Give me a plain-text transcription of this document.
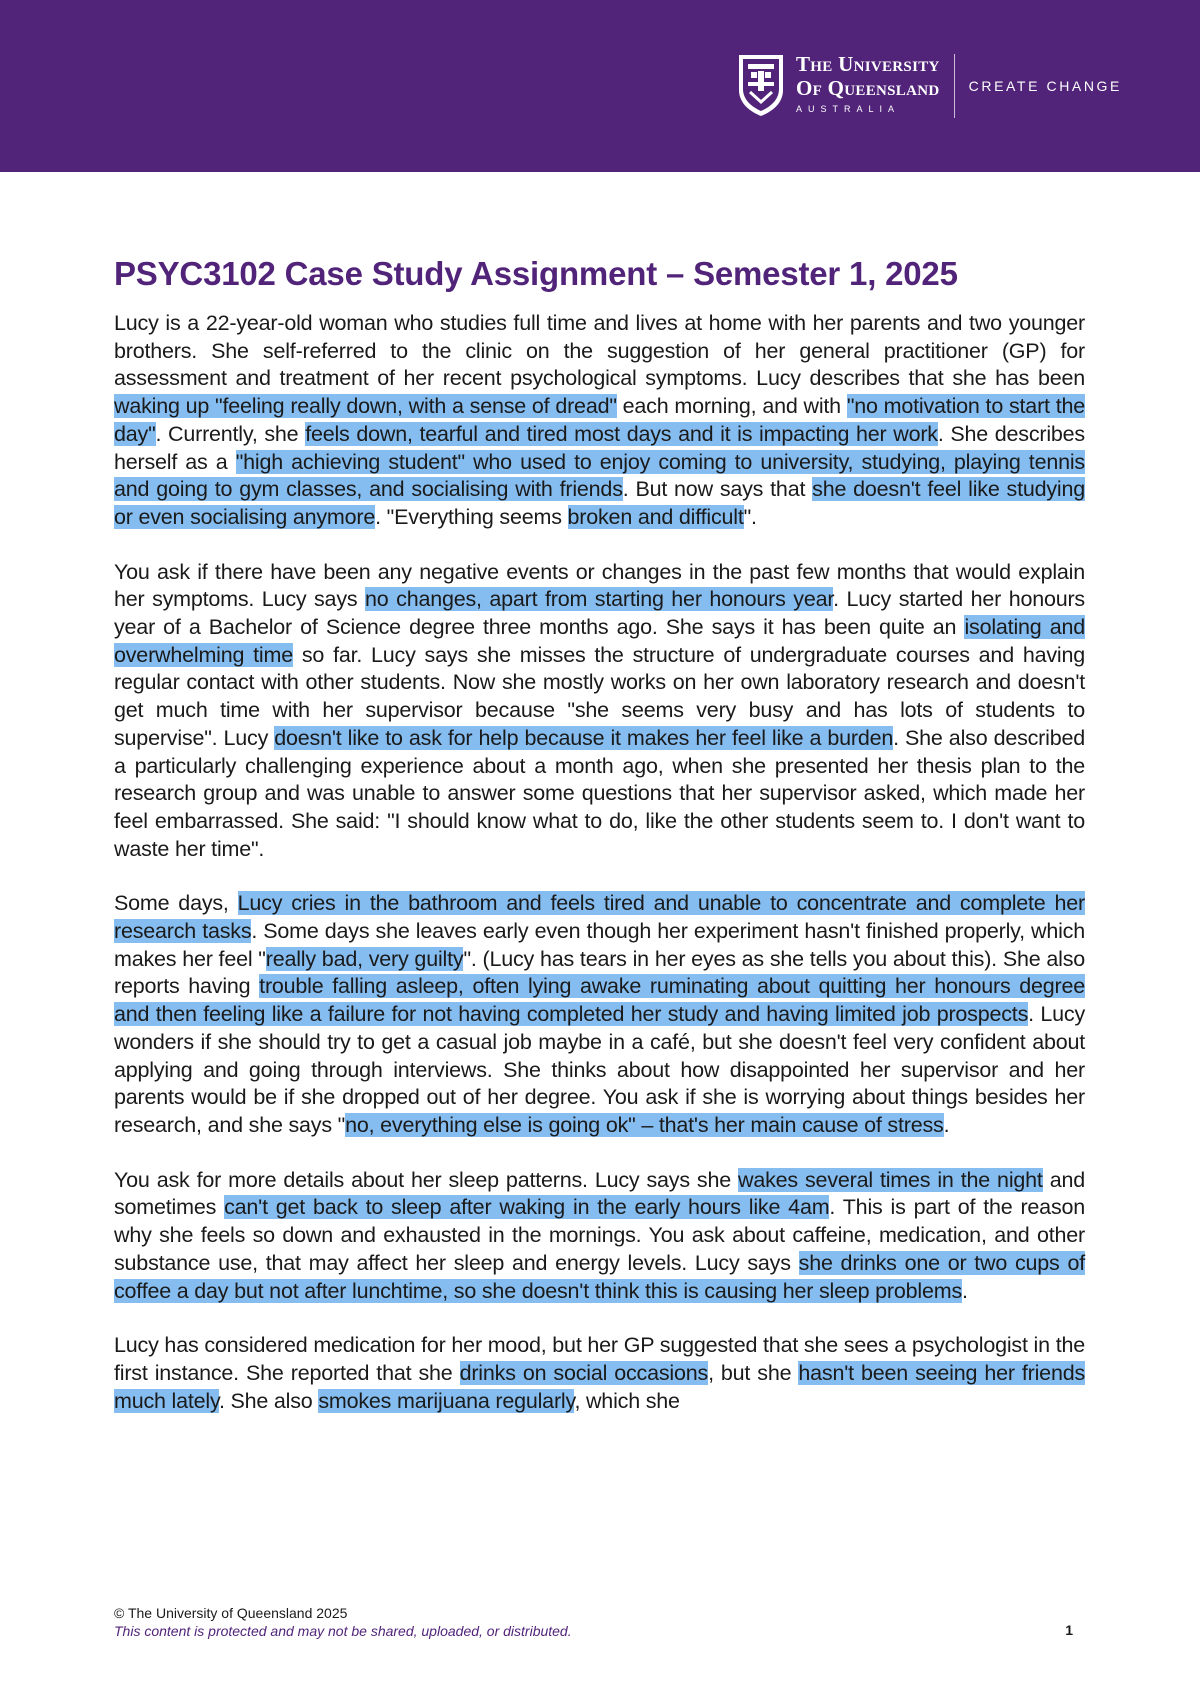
The University
Of Queensland
AUSTRALIA
CREATE CHANGE
PSYC3102 Case Study Assignment – Semester 1, 2025

Lucy is a 22-year-old woman who studies full time and lives at home with her parents and two younger brothers. She self-referred to the clinic on the suggestion of her general practitioner (GP) for assessment and treatment of her recent psychological symptoms. Lucy describes that she has been waking up "feeling really down, with a sense of dread" each morning, and with "no motivation to start the day". Currently, she feels down, tearful and tired most days and it is impacting her work. She describes herself as a "high achieving student" who used to enjoy coming to university, studying, playing tennis and going to gym classes, and socialising with friends. But now says that she doesn't feel like studying or even socialising anymore. "Everything seems broken and difficult".

You ask if there have been any negative events or changes in the past few months that would explain her symptoms. Lucy says no changes, apart from starting her honours year. Lucy started her honours year of a Bachelor of Science degree three months ago. She says it has been quite an isolating and overwhelming time so far. Lucy says she misses the structure of undergraduate courses and having regular contact with other students. Now she mostly works on her own laboratory research and doesn't get much time with her supervisor because "she seems very busy and has lots of students to supervise". Lucy doesn't like to ask for help because it makes her feel like a burden. She also described a particularly challenging experience about a month ago, when she presented her thesis plan to the research group and was unable to answer some questions that her supervisor asked, which made her feel embarrassed. She said: "I should know what to do, like the other students seem to. I don't want to waste her time".

Some days, Lucy cries in the bathroom and feels tired and unable to concentrate and complete her research tasks. Some days she leaves early even though her experiment hasn't finished properly, which makes her feel "really bad, very guilty". (Lucy has tears in her eyes as she tells you about this). She also reports having trouble falling asleep, often lying awake ruminating about quitting her honours degree and then feeling like a failure for not having completed her study and having limited job prospects. Lucy wonders if she should try to get a casual job maybe in a café, but she doesn't feel very confident about applying and going through interviews. She thinks about how disappointed her supervisor and her parents would be if she dropped out of her degree. You ask if she is worrying about things besides her research, and she says "no, everything else is going ok" – that's her main cause of stress.

You ask for more details about her sleep patterns. Lucy says she wakes several times in the night and sometimes can't get back to sleep after waking in the early hours like 4am. This is part of the reason why she feels so down and exhausted in the mornings. You ask about caffeine, medication, and other substance use, that may affect her sleep and energy levels. Lucy says she drinks one or two cups of coffee a day but not after lunchtime, so she doesn't think this is causing her sleep problems.

Lucy has considered medication for her mood, but her GP suggested that she sees a psychologist in the first instance. She reported that she drinks on social occasions, but she hasn't been seeing her friends much lately. She also smokes marijuana regularly, which she

© The University of Queensland 2025
This content is protected and may not be shared, uploaded, or distributed.	1
